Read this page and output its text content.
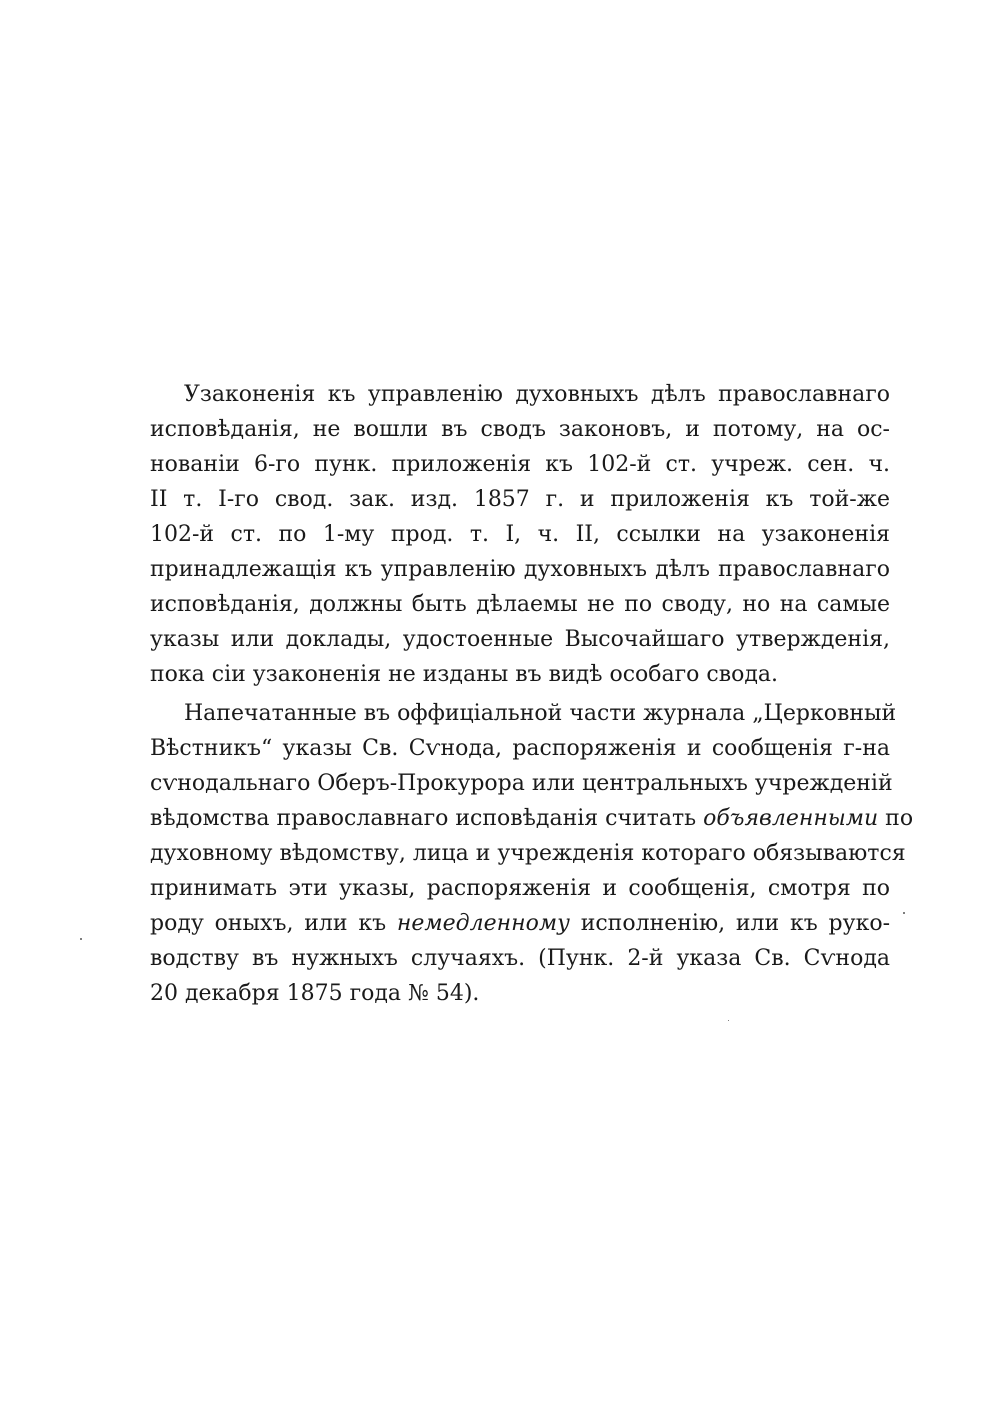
Узаконенія къ управленію духовныхъ дѣлъ православнаго
исповѣданія, не вошли въ сводъ законовъ, и потому, на ос-
нованіи 6-го пунк. приложенія къ 102-й ст. учреж. сен. ч.
II т. I-го свод. зак. изд. 1857 г. и приложенія къ той-же
102-й ст. по 1-му прод. т. I, ч. II, ссылки на узаконенія
принадлежащія къ управленію духовныхъ дѣлъ православнаго
исповѣданія, должны быть дѣлаемы не по своду, но на самые
указы или доклады, удостоенные Высочайшаго утвержденія,
пока сіи узаконенія не изданы въ видѣ особаго свода.

Напечатанные въ оффиціальной части журнала „Церковный
Вѣстникъ“ указы Св. Сѵнода, распоряженія и сообщенія г-на
сѵнодальнаго Оберъ-Прокурора или центральныхъ учрежденій
вѣдомства православнаго исповѣданія считать объявленными по
духовному вѣдомству, лица и учрежденія котораго обязываются
принимать эти указы, распоряженія и сообщенія, смотря по
роду оныхъ, или къ немедленному исполненію, или къ руко-
водству въ нужныхъ случаяхъ. (Пунк. 2-й указа Св. Сѵнода
20 декабря 1875 года № 54).
